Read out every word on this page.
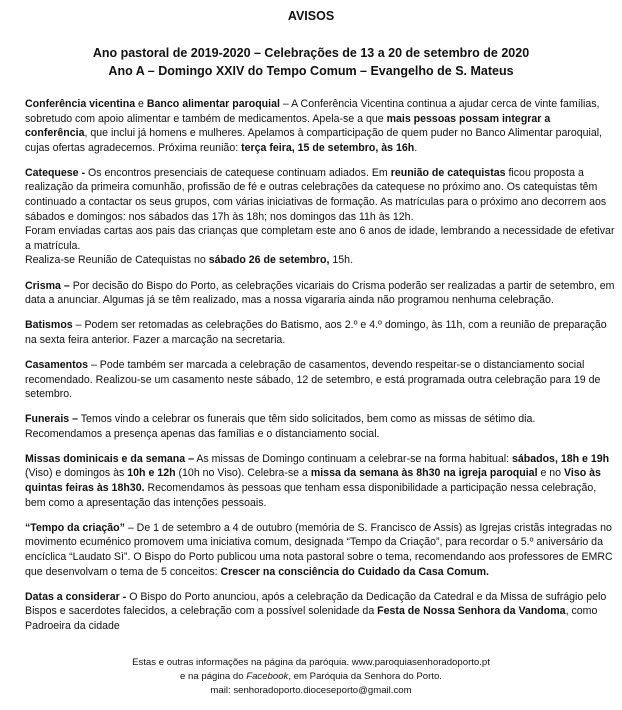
AVISOS
Ano pastoral de 2019-2020 – Celebrações de 13 a 20 de setembro de 2020
Ano A – Domingo XXIV do Tempo Comum – Evangelho de S. Mateus

Conferência vicentina e Banco alimentar paroquial – A Conferência Vicentina continua a ajudar cerca de vinte famílias, sobretudo com apoio alimentar e também de medicamentos. Apela-se a que mais pessoas possam integrar a conferência, que inclui já homens e mulheres. Apelamos à comparticipação de quem puder no Banco Alimentar paroquial, cujas ofertas agradecemos. Próxima reunião: terça feira, 15 de setembro, às 16h.

Catequese - Os encontros presenciais de catequese continuam adiados. Em reunião de catequistas ficou proposta a realização da primeira comunhão, profissão de fé e outras celebrações da catequese no próximo ano. Os catequistas têm continuado a contactar os seus grupos, com várias iniciativas de formação. As matrículas para o próximo ano decorrem aos sábados e domingos: nos sábados das 17h às 18h; nos domingos das 11h às 12h.
Foram enviadas cartas aos pais das crianças que completam este ano 6 anos de idade, lembrando a necessidade de efetivar a matrícula.
Realiza-se Reunião de Catequistas no sábado 26 de setembro, 15h.

Crisma – Por decisão do Bispo do Porto, as celebrações vicariais do Crisma poderão ser realizadas a partir de setembro, em data a anunciar. Algumas já se têm realizado, mas a nossa vigararia ainda não programou nenhuma celebração.

Batismos – Podem ser retomadas as celebrações do Batismo, aos 2.º e 4.º domingo, às 11h, com a reunião de preparação na sexta feira anterior. Fazer a marcação na secretaria.

Casamentos – Pode também ser marcada a celebração de casamentos, devendo respeitar-se o distanciamento social recomendado. Realizou-se um casamento neste sábado, 12 de setembro, e está programada outra celebração para 19 de setembro.

Funerais – Temos vindo a celebrar os funerais que têm sido solicitados, bem como as missas de sétimo dia. Recomendamos a presença apenas das famílias e o distanciamento social.

Missas dominicais e da semana – As missas de Domingo continuam a celebrar-se na forma habitual: sábados, 18h e 19h (Viso) e domingos às 10h e 12h (10h no Viso). Celebra-se a missa da semana às 8h30 na igreja paroquial e no Viso às quintas feiras às 18h30. Recomendamos às pessoas que tenham essa disponibilidade a participação nessa celebração, bem como a apresentação das intenções pessoais.

“Tempo da criação” – De 1 de setembro a 4 de outubro (memória de S. Francisco de Assis) as Igrejas cristãs integradas no movimento ecuménico promovem uma iniciativa comum, designada “Tempo da Criação”, para recordar o 5.º aniversário da encíclica “Laudato Sì”. O Bispo do Porto publicou uma nota pastoral sobre o tema, recomendando aos professores de EMRC que desenvolvam o tema de 5 conceitos: Crescer na consciência do Cuidado da Casa Comum.

Datas a considerar - O Bispo do Porto anunciou, após a celebração da Dedicação da Catedral e da Missa de sufrágio pelo Bispos e sacerdotes falecidos, a celebração com a possível solenidade da Festa de Nossa Senhora da Vandoma, como Padroeira da cidade

Estas e outras informações na página da paróquia. www.paroquiasenhoradoporto.pt
e na página do Facebook, em Paróquia da Senhora do Porto.
mail: senhoradoporto.dioceseporto@gmail.com
